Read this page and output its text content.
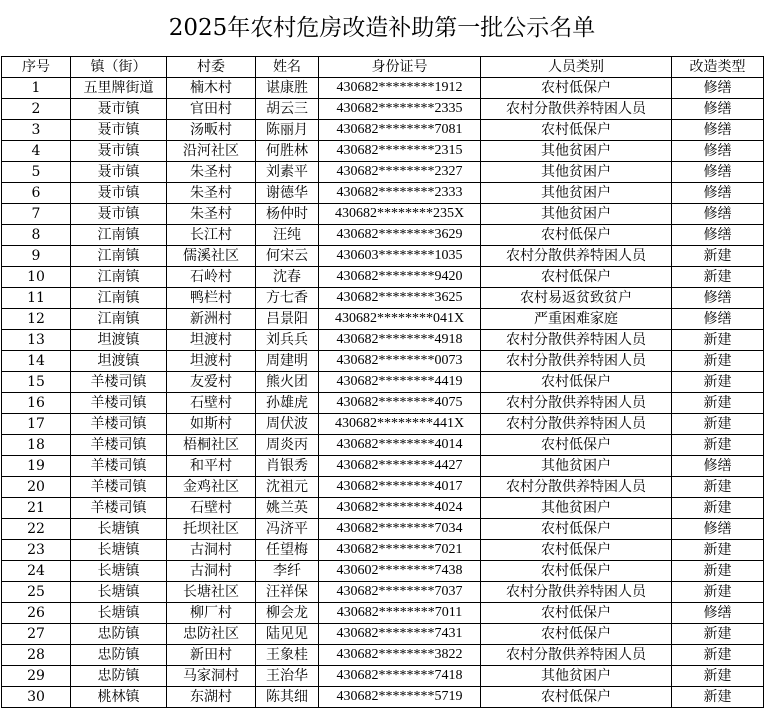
2025年农村危房改造补助第一批公示名单
序号	镇（街）	村委	姓名	身份证号	人员类别	改造类型
1	五里牌街道	楠木村	谌康胜	430682********1912	农村低保户	修缮
2	聂市镇	官田村	胡云三	430682********2335	农村分散供养特困人员	修缮
3	聂市镇	汤畈村	陈丽月	430682********7081	农村低保户	修缮
4	聂市镇	沿河社区	何胜林	430682********2315	其他贫困户	修缮
5	聂市镇	朱圣村	刘素平	430682********2327	其他贫困户	修缮
6	聂市镇	朱圣村	谢德华	430682********2333	其他贫困户	修缮
7	聂市镇	朱圣村	杨仲时	430682********235X	其他贫困户	修缮
8	江南镇	长江村	汪纯	430682********3629	农村低保户	修缮
9	江南镇	儒溪社区	何宋云	430603********1035	农村分散供养特困人员	新建
10	江南镇	石岭村	沈春	430682********9420	农村低保户	新建
11	江南镇	鸭栏村	方七香	430682********3625	农村易返贫致贫户	修缮
12	江南镇	新洲村	吕景阳	430682********041X	严重困难家庭	修缮
13	坦渡镇	坦渡村	刘兵兵	430682********4918	农村分散供养特困人员	新建
14	坦渡镇	坦渡村	周建明	430682********0073	农村分散供养特困人员	新建
15	羊楼司镇	友爱村	熊火团	430682********4419	农村低保户	新建
16	羊楼司镇	石壁村	孙雄虎	430682********4075	农村分散供养特困人员	新建
17	羊楼司镇	如斯村	周伏波	430682********441X	农村分散供养特困人员	新建
18	羊楼司镇	梧桐社区	周炎丙	430682********4014	农村低保户	新建
19	羊楼司镇	和平村	肖银秀	430682********4427	其他贫困户	修缮
20	羊楼司镇	金鸡社区	沈祖元	430682********4017	农村分散供养特困人员	新建
21	羊楼司镇	石壁村	姚兰英	430682********4024	其他贫困户	新建
22	长塘镇	托坝社区	冯济平	430682********7034	农村低保户	修缮
23	长塘镇	古洞村	任望梅	430682********7021	农村低保户	新建
24	长塘镇	古洞村	李纤	430602********7438	农村低保户	新建
25	长塘镇	长塘社区	汪祥保	430682********7037	农村分散供养特困人员	新建
26	长塘镇	柳厂村	柳会龙	430682********7011	农村低保户	修缮
27	忠防镇	忠防社区	陆见见	430682********7431	农村低保户	新建
28	忠防镇	新田村	王象桂	430682********3822	农村分散供养特困人员	新建
29	忠防镇	马家洞村	王治华	430682********7418	其他贫困户	新建
30	桃林镇	东湖村	陈其细	430682********5719	农村低保户	新建
